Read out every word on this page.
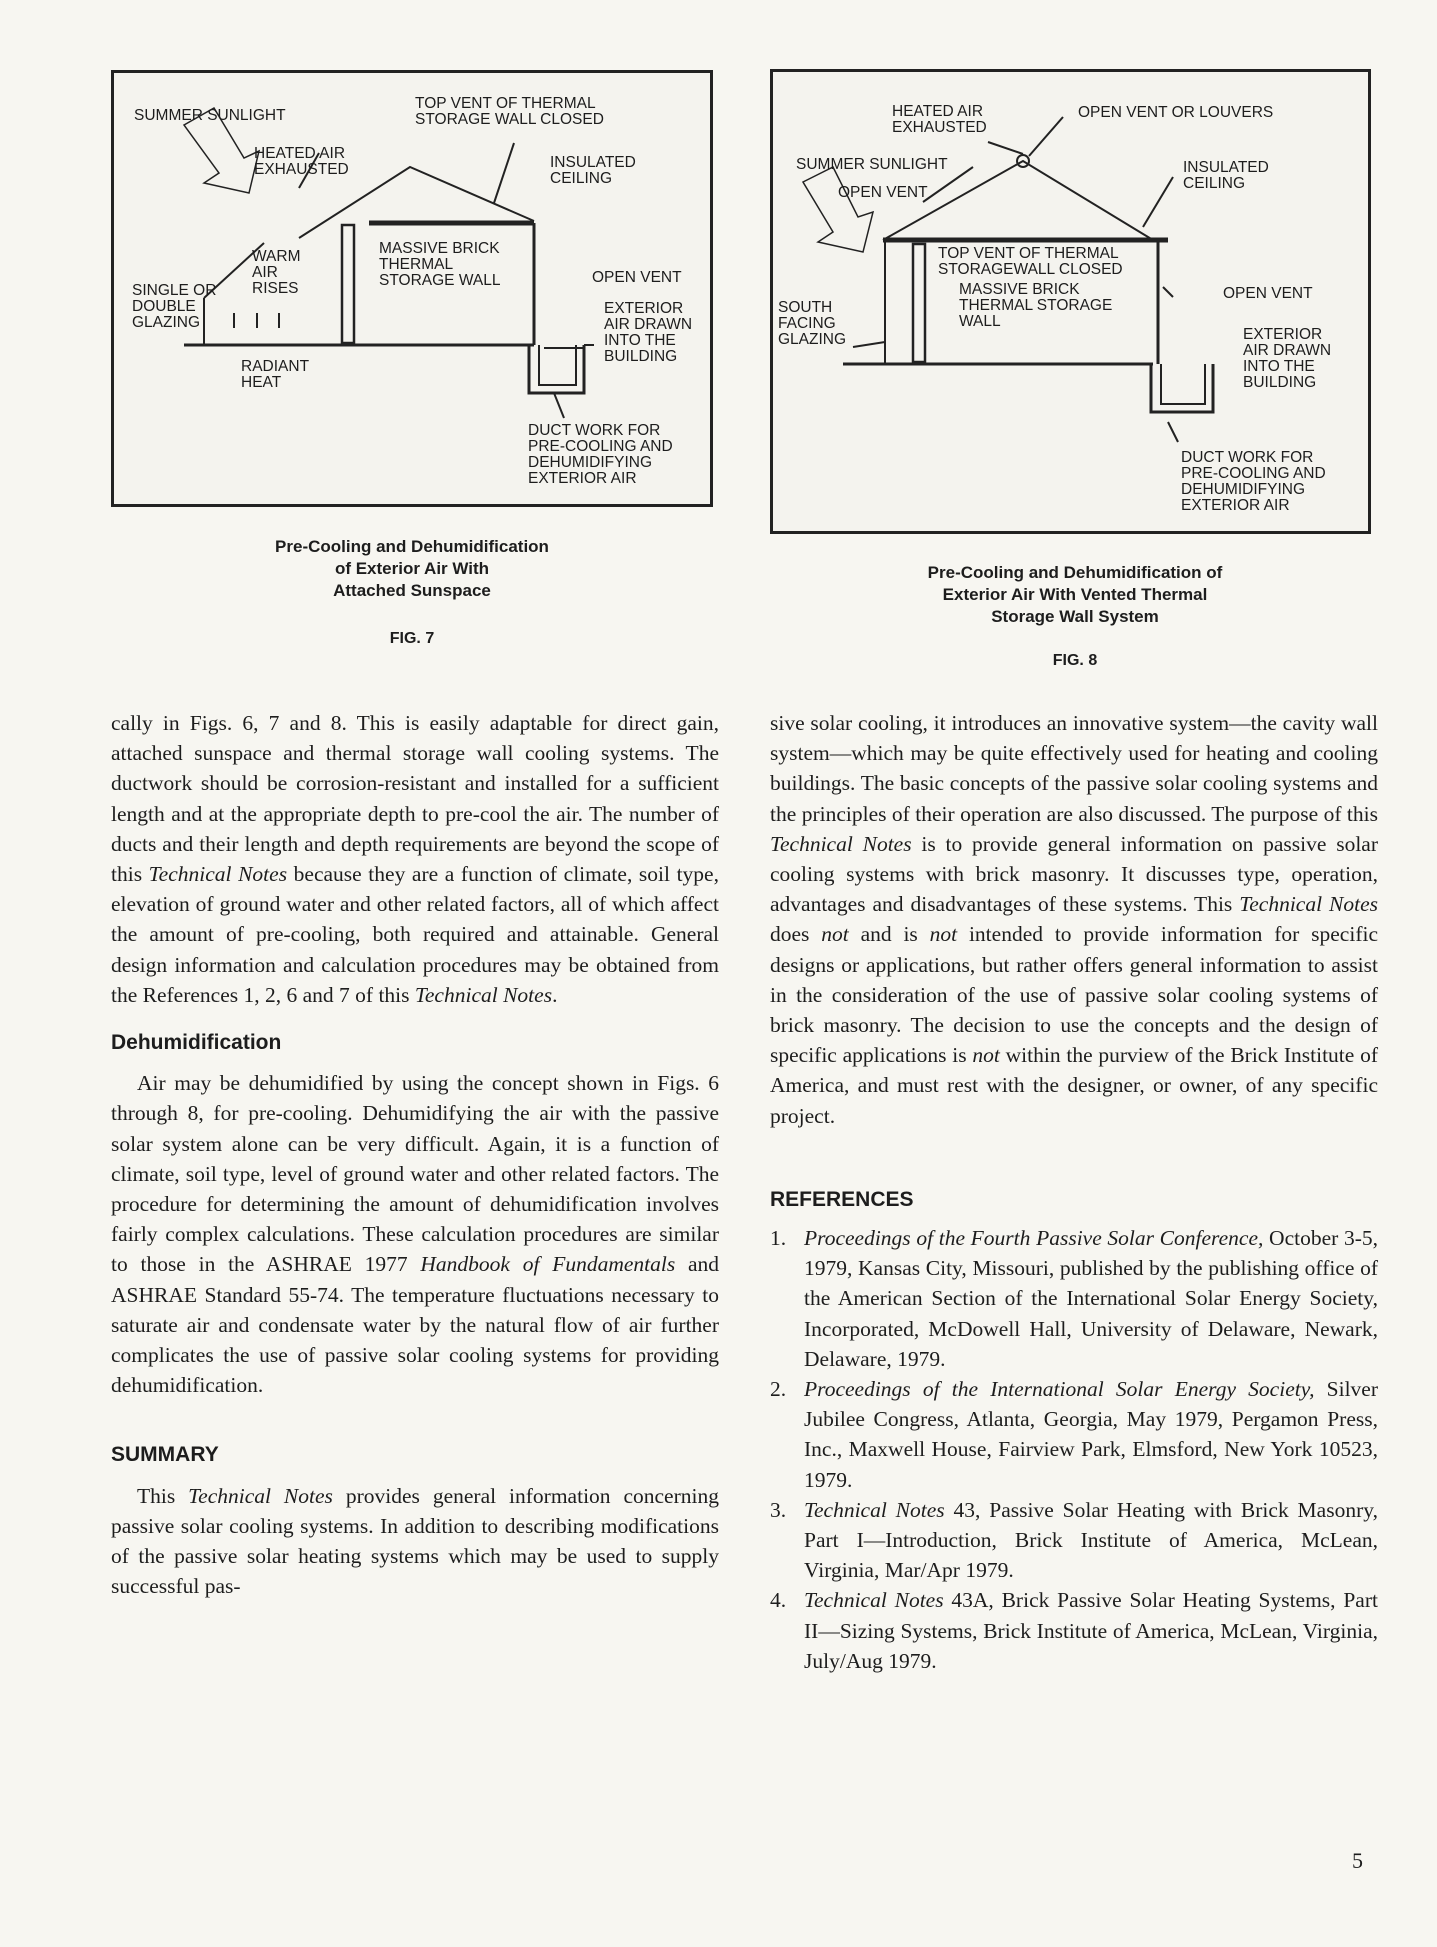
SUMMER SUNLIGHT
TOP VENT OF THERMAL
STORAGE WALL CLOSED
HEATED AIR
EXHAUSTED	INSULATED
CEILING
WARM
AIR
RISES
MASSIVE BRICK
THERMAL
STORAGE WALL
SINGLE OR
DOUBLE
GLAZING
OPEN VENT
EXTERIOR
AIR DRAWN
INTO THE
BUILDING
RADIANT
HEAT
DUCT WORK FOR
PRE-COOLING AND
DEHUMIDIFYING
EXTERIOR AIR
Pre-Cooling and Dehumidification
of Exterior Air With
Attached Sunspace
FIG. 7
HEATED AIR
EXHAUSTED
OPEN VENT OR LOUVERS
SUMMER SUNLIGHT
OPEN VENT
INSULATED
CEILING
TOP VENT OF THERMAL
STORAGEWALL CLOSED
MASSIVE BRICK
THERMAL STORAGE
WALL
SOUTH
FACING
GLAZING
OPEN VENT
EXTERIOR
AIR DRAWN
INTO THE
BUILDING
DUCT WORK FOR
PRE-COOLING AND
DEHUMIDIFYING
EXTERIOR AIR
Pre-Cooling and Dehumidification of
Exterior Air With Vented Thermal
Storage Wall System
FIG. 8

cally in Figs. 6, 7 and 8. This is easily adaptable for direct gain, attached sunspace and thermal storage wall cooling systems. The ductwork should be corrosion-resistant and installed for a sufficient length and at the appropriate depth to pre-cool the air. The number of ducts and their length and depth requirements are beyond the scope of this Technical Notes because they are a function of climate, soil type, elevation of ground water and other related factors, all of which affect the amount of pre-cooling, both required and attainable. General design information and calculation procedures may be obtained from the References 1, 2, 6 and 7 of this Technical Notes.

Dehumidification

Air may be dehumidified by using the concept shown in Figs. 6 through 8, for pre-cooling. Dehumidifying the air with the passive solar system alone can be very difficult. Again, it is a function of climate, soil type, level of ground water and other related factors. The procedure for determining the amount of dehumidification involves fairly complex calculations. These calculation procedures are similar to those in the ASHRAE 1977 Handbook of Fundamentals and ASHRAE Standard 55-74. The temperature fluctuations necessary to saturate air and condensate water by the natural flow of air further complicates the use of passive solar cooling systems for providing dehumidification.

SUMMARY

This Technical Notes provides general information concerning passive solar cooling systems. In addition to describing modifications of the passive solar heating systems which may be used to supply successful pas-

sive solar cooling, it introduces an innovative system—the cavity wall system—which may be quite effectively used for heating and cooling buildings. The basic concepts of the passive solar cooling systems and the principles of their operation are also discussed. The purpose of this Technical Notes is to provide general information on passive solar cooling systems with brick masonry. It discusses type, operation, advantages and disadvantages of these systems. This Technical Notes does not and is not intended to provide information for specific designs or applications, but rather offers general information to assist in the consideration of the use of passive solar cooling systems of brick masonry. The decision to use the concepts and the design of specific applications is not within the purview of the Brick Institute of America, and must rest with the designer, or owner, of any specific project.

REFERENCES
1. Proceedings of the Fourth Passive Solar Conference, October 3-5, 1979, Kansas City, Missouri, published by the publishing office of the American Section of the International Solar Energy Society, Incorporated, McDowell Hall, University of Delaware, Newark, Delaware, 1979.
2. Proceedings of the International Solar Energy Society, Silver Jubilee Congress, Atlanta, Georgia, May 1979, Pergamon Press, Inc., Maxwell House, Fairview Park, Elmsford, New York 10523, 1979.
3. Technical Notes 43, Passive Solar Heating with Brick Masonry, Part I—Introduction, Brick Institute of America, McLean, Virginia, Mar/Apr 1979.
4. Technical Notes 43A, Brick Passive Solar Heating Systems, Part II—Sizing Systems, Brick Institute of America, McLean, Virginia, July/Aug 1979.
5
